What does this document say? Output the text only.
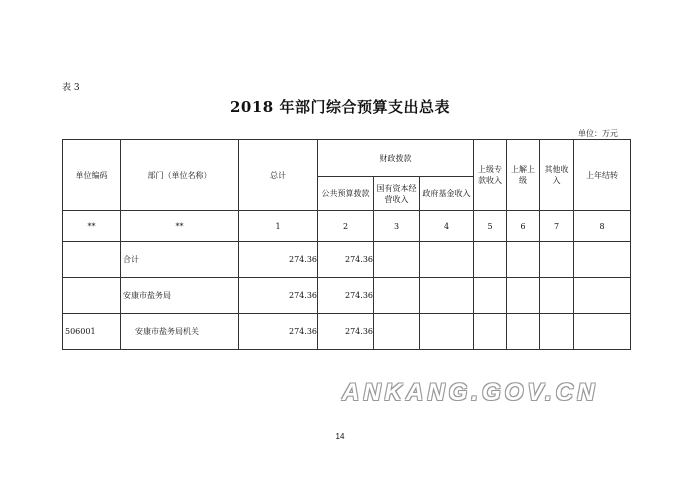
表 3
2018 年部门综合预算支出总表
单位：万元
单位编码	部门（单位名称）	总计	财政拨款			上级专款收入	上解上级	其他收入	上年结转
			公共预算拨款	国有资本经营收入	政府基金收入				
**	**	1	2	3	4	5	6	7	8
	合计	274.36	274.36						
	安康市盐务局	274.36	274.36						
506001	安康市盐务局机关	274.36	274.36						
ANKANG.GOV.CN
14
